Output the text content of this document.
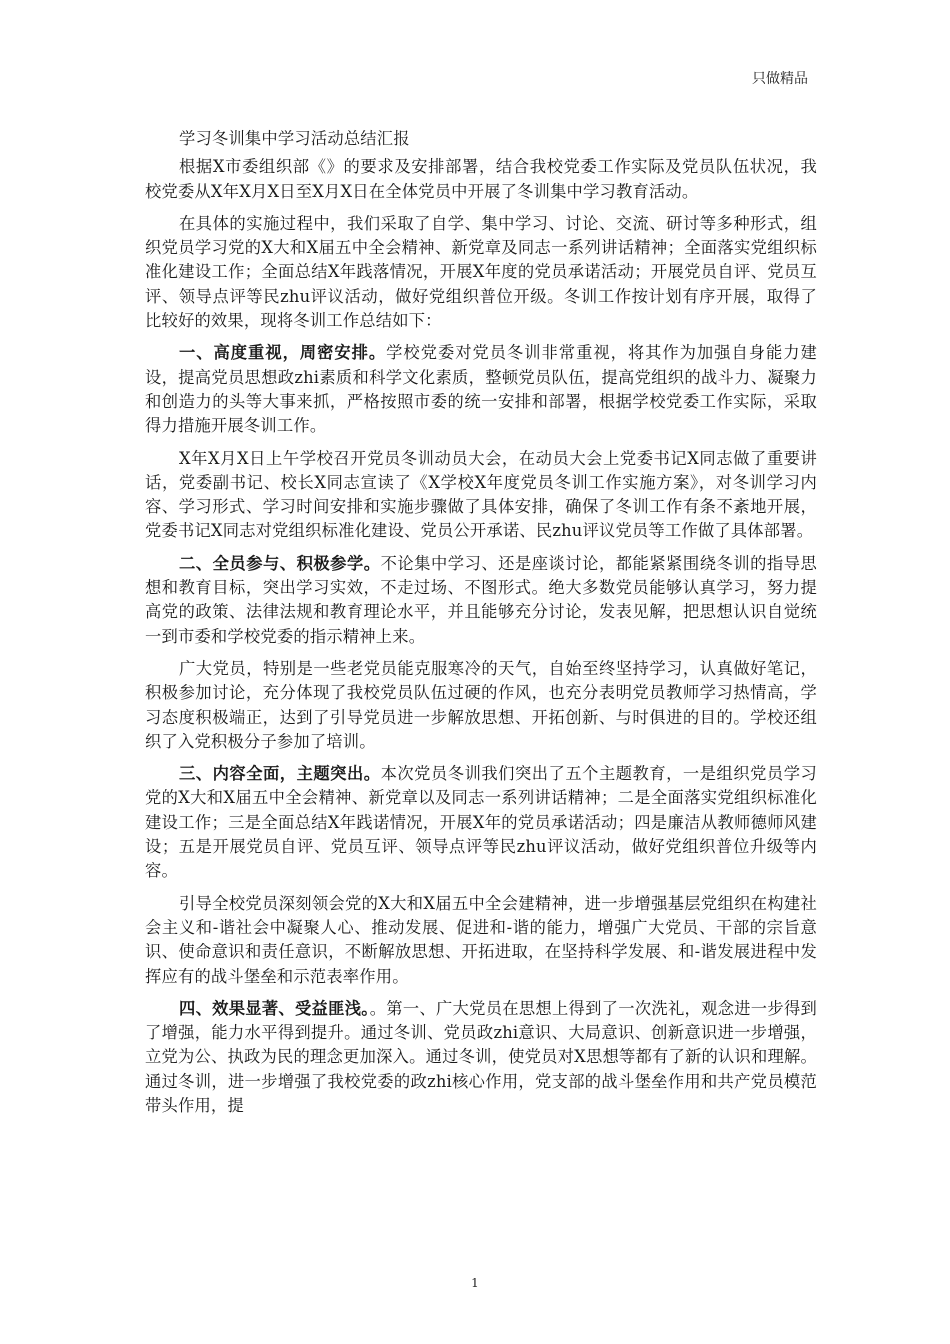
只做精品

学习冬训集中学习活动总结汇报

根据X市委组织部《》的要求及安排部署，结合我校党委工作实际及党员队伍状况，我校党委从X年X月X日至X月X日在全体党员中开展了冬训集中学习教育活动。

在具体的实施过程中，我们采取了自学、集中学习、讨论、交流、研讨等多种形式，组织党员学习党的X大和X届五中全会精神、新党章及同志一系列讲话精神；全面落实党组织标准化建设工作；全面总结X年践落情况，开展X年度的党员承诺活动；开展党员自评、党员互评、领导点评等民zhu评议活动，做好党组织普位开级。冬训工作按计划有序开展，取得了比较好的效果，现将冬训工作总结如下：

一、高度重视，周密安排。学校党委对党员冬训非常重视，将其作为加强自身能力建设，提高党员思想政zhi素质和科学文化素质，整顿党员队伍，提高党组织的战斗力、凝聚力和创造力的头等大事来抓，严格按照市委的统一安排和部署，根据学校党委工作实际，采取得力措施开展冬训工作。

X年X月X日上午学校召开党员冬训动员大会，在动员大会上党委书记X同志做了重要讲话，党委副书记、校长X同志宣读了《X学校X年度党员冬训工作实施方案》，对冬训学习内容、学习形式、学习时间安排和实施步骤做了具体安排，确保了冬训工作有条不紊地开展，党委书记X同志对党组织标准化建设、党员公开承诺、民zhu评议党员等工作做了具体部署。

二、全员参与、积极参学。不论集中学习、还是座谈讨论，都能紧紧围绕冬训的指导思想和教育目标，突出学习实效，不走过场、不图形式。绝大多数党员能够认真学习，努力提高党的政策、法律法规和教育理论水平，并且能够充分讨论，发表见解，把思想认识自觉统一到市委和学校党委的指示精神上来。

广大党员，特别是一些老党员能克服寒冷的天气，自始至终坚持学习，认真做好笔记，积极参加讨论，充分体现了我校党员队伍过硬的作风，也充分表明党员教师学习热情高，学习态度积极端正，达到了引导党员进一步解放思想、开拓创新、与时俱进的目的。学校还组织了入党积极分子参加了培训。

三、内容全面，主题突出。本次党员冬训我们突出了五个主题教育，一是组织党员学习党的X大和X届五中全会精神、新党章以及同志一系列讲话精神；二是全面落实党组织标准化建设工作；三是全面总结X年践诺情况，开展X年的党员承诺活动；四是廉洁从教师德师风建设；五是开展党员自评、党员互评、领导点评等民zhu评议活动，做好党组织普位升级等内容。

引导全校党员深刻领会党的X大和X届五中全会建精神，进一步增强基层党组织在构建社会主义和-谐社会中凝聚人心、推动发展、促进和-谐的能力，增强广大党员、干部的宗旨意识、使命意识和责任意识，不断解放思想、开拓进取，在坚持科学发展、和-谐发展进程中发挥应有的战斗堡垒和示范表率作用。

四、效果显著、受益匪浅。。第一、广大党员在思想上得到了一次洗礼，观念进一步得到了增强，能力水平得到提升。通过冬训、党员政zhi意识、大局意识、创新意识进一步增强，立党为公、执政为民的理念更加深入。通过冬训，使党员对X思想等都有了新的认识和理解。通过冬训，进一步增强了我校党委的政zhi核心作用，党支部的战斗堡垒作用和共产党员模范带头作用，提

1
